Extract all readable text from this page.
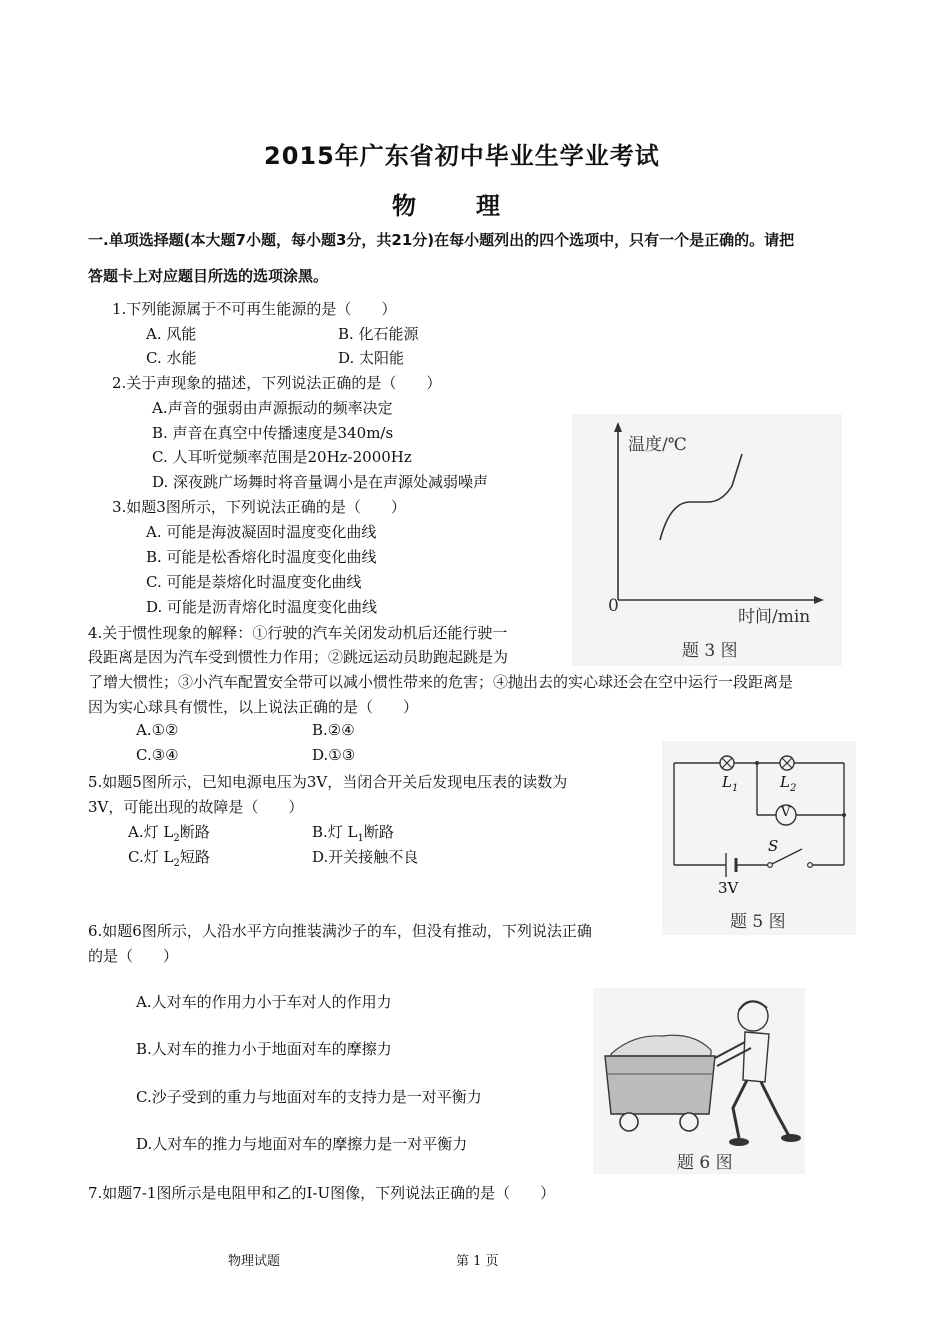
2015年广东省初中毕业生学业考试
物理
一.单项选择题(本大题7小题，每小题3分，共21分)在每小题列出的四个选项中，只有一个是正确的。请把
答题卡上对应题目所选的选项涂黑。
1.下列能源属于不可再生能源的是（　　）
A. 风能	B. 化石能源
C. 水能	D. 太阳能
2.关于声现象的描述，下列说法正确的是（　　）
A.声音的强弱由声源振动的频率决定
B. 声音在真空中传播速度是340m/s
C. 人耳听觉频率范围是20Hz-2000Hz
D. 深夜跳广场舞时将音量调小是在声源处减弱噪声
3.如题3图所示，下列说法正确的是（　　）
A. 可能是海波凝固时温度变化曲线
B. 可能是松香熔化时温度变化曲线
C. 可能是萘熔化时温度变化曲线
D. 可能是沥青熔化时温度变化曲线
温度/℃
0
时间/min
题 3 图
4.关于惯性现象的解释：①行驶的汽车关闭发动机后还能行驶一
段距离是因为汽车受到惯性力作用；②跳远运动员助跑起跳是为
了增大惯性；③小汽车配置安全带可以减小惯性带来的危害；④抛出去的实心球还会在空中运行一段距离是
因为实心球具有惯性，以上说法正确的是（　　）
A.①②	B.②④
C.③④	D.①③
5.如题5图所示，已知电源电压为3V，当闭合开关后发现电压表的读数为
3V，可能出现的故障是（　　）
A.灯 $L_2$断路	B.灯 $L_1$断路
C.灯 $L_2$短路	D.开关接触不良
$L_1$	$L_2$
V
S
3V
题 5 图
6.如题6图所示，人沿水平方向推装满沙子的车，但没有推动，下列说法正确
的是（　　）
A.人对车的作用力小于车对人的作用力
B.人对车的推力小于地面对车的摩擦力
C.沙子受到的重力与地面对车的支持力是一对平衡力
D.人对车的推力与地面对车的摩擦力是一对平衡力
题 6 图
7.如题7-1图所示是电阻甲和乙的I-U图像，下列说法正确的是（　　）
物理试题	第 1 页
